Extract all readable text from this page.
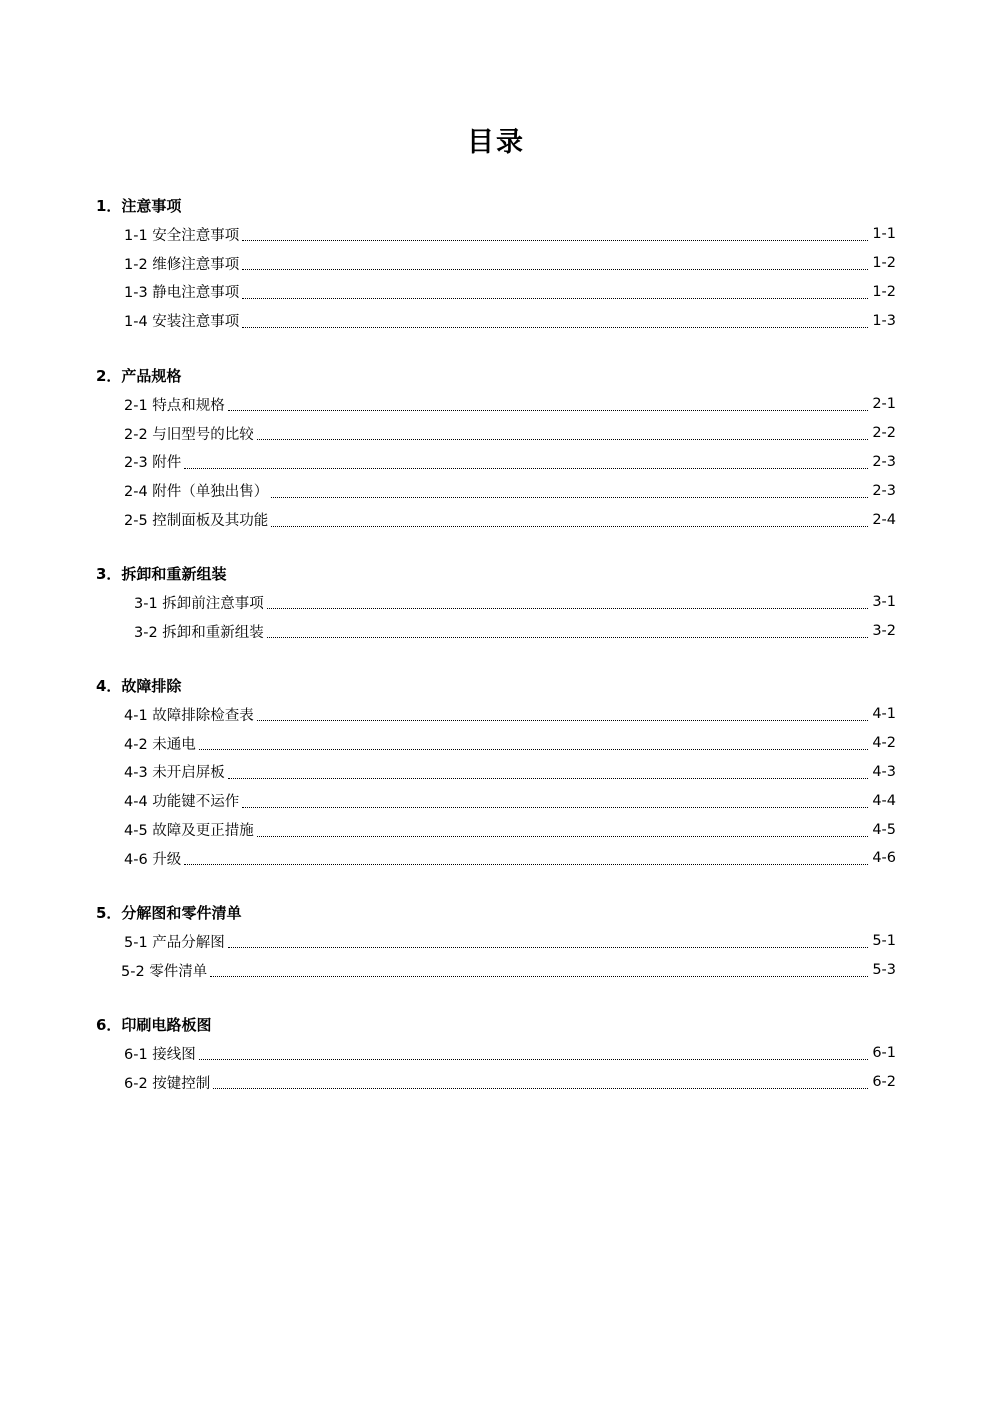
目录
1．注意事项
1-1 安全注意事项	1-1
1-2 维修注意事项	1-2
1-3 静电注意事项	1-2
1-4 安装注意事项	1-3
2．产品规格
2-1 特点和规格	2-1
2-2 与旧型号的比较	2-2
2-3 附件	2-3
2-4 附件（单独出售）	2-3
2-5 控制面板及其功能	2-4
3．拆卸和重新组装
3-1 拆卸前注意事项	3-1
3-2 拆卸和重新组装	3-2
4．故障排除
4-1 故障排除检查表	4-1
4-2 未通电	4-2
4-3 未开启屏板	4-3
4-4 功能键不运作	4-4
4-5 故障及更正措施	4-5
4-6 升级	4-6
5．分解图和零件清单
5-1 产品分解图	5-1
5-2 零件清单	5-3
6．印刷电路板图
6-1 接线图	6-1
6-2 按键控制	6-2
